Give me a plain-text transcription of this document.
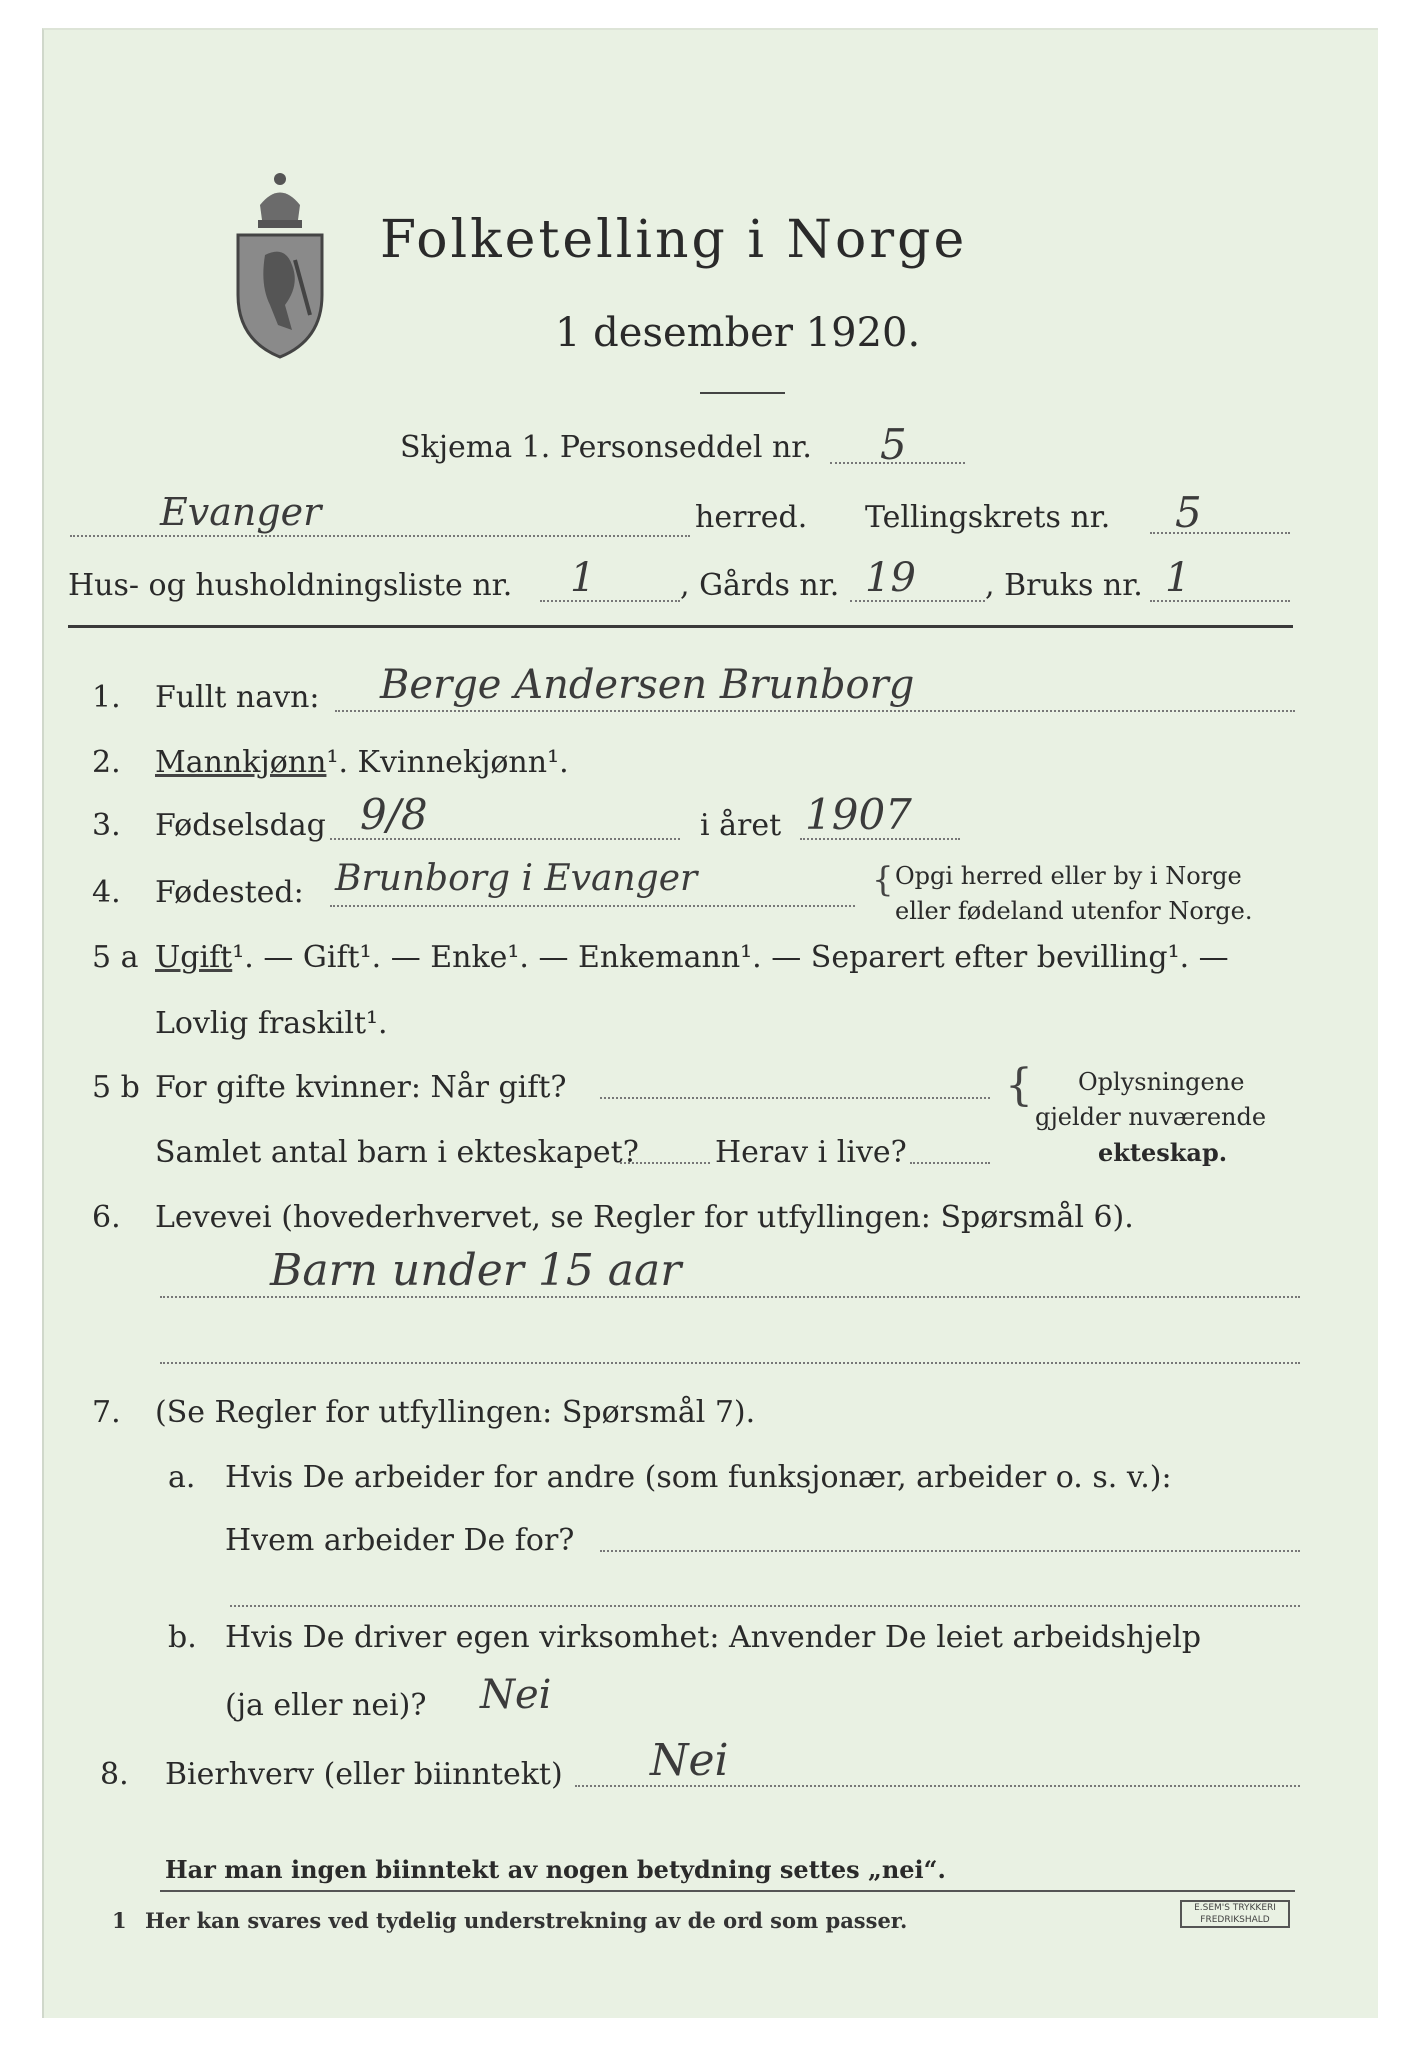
Folketelling i Norge
1 desember 1920.
Skjema 1. Personseddel nr. 5
Evanger	herred. Tellingskrets nr. 5
Hus- og husholdningsliste nr. 1	, Gårds nr. 19 , Bruks nr. 1
1. Fullt navn: Berge Andersen Brunborg
2. Mannkjønn¹. Kvinnekjønn¹.
3. Fødselsdag 9/8	i året 1907
4. Fødested: Brunborg i Evanger	{ Opgi herred eller by i Norge
eller fødeland utenfor Norge.
5 a Ugift¹. — Gift¹. — Enke¹. — Enkemann¹. — Separert efter bevilling¹. —
Lovlig fraskilt¹.
5 b For gifte kvinner: Når gift?
Samlet antal barn i ekteskapet?	Herav i live?
{ Oplysningene
gjelder nuværende
ekteskap.
6. Levevei (hovederhvervet, se Regler for utfyllingen: Spørsmål 6).
Barn under 15 aar
7. (Se Regler for utfyllingen: Spørsmål 7).
a. Hvis De arbeider for andre (som funksjonær, arbeider o. s. v.):
Hvem arbeider De for?
b. Hvis De driver egen virksomhet: Anvender De leiet arbeidshjelp
(ja eller nei)? Nei
8. Bierhverv (eller biinntekt) Nei
Har man ingen biinntekt av nogen betydning settes „nei“.
1 Her kan svares ved tydelig understrekning av de ord som passer.	E.SEM'S TRYKKERI
FREDRIKSHALD
